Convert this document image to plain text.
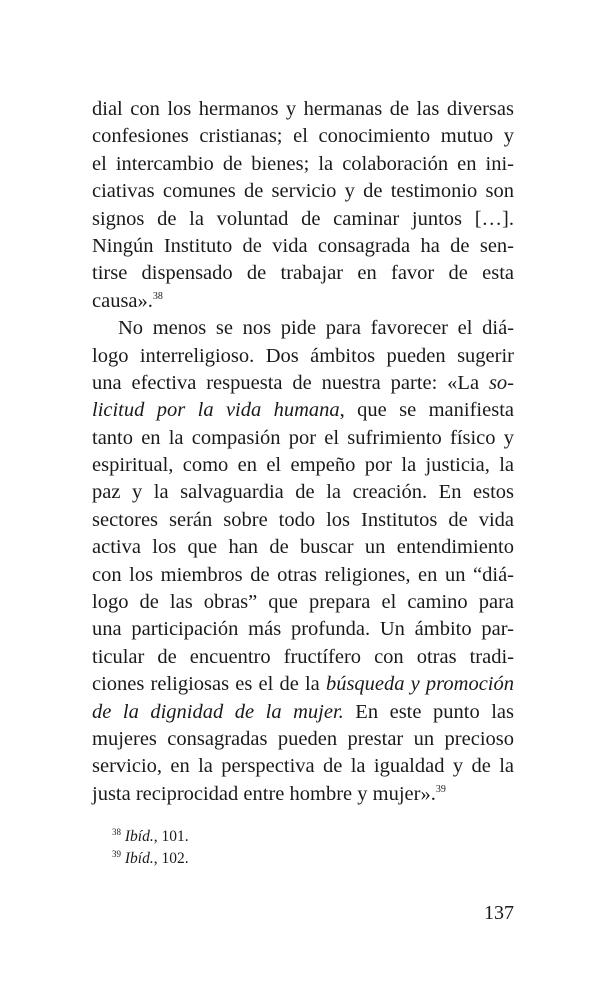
dial con los hermanos y hermanas de las diversas
confesiones cristianas; el conocimiento mutuo y
el intercambio de bienes; la colaboración en ini-
ciativas comunes de servicio y de testimonio son
signos de la voluntad de caminar juntos […].
Ningún Instituto de vida consagrada ha de sen-
tirse dispensado de trabajar en favor de esta
causa».$^{38}$
No menos se nos pide para favorecer el diá-
logo interreligioso. Dos ámbitos pueden sugerir
una efectiva respuesta de nuestra parte: «La so-
licitud por la vida humana, que se manifiesta
tanto en la compasión por el sufrimiento físico y
espiritual, como en el empeño por la justicia, la
paz y la salvaguardia de la creación. En estos
sectores serán sobre todo los Institutos de vida
activa los que han de buscar un entendimiento
con los miembros de otras religiones, en un “diá-
logo de las obras” que prepara el camino para
una participación más profunda. Un ámbito par-
ticular de encuentro fructífero con otras tradi-
ciones religiosas es el de la búsqueda y promoción
de la dignidad de la mujer. En este punto las
mujeres consagradas pueden prestar un precioso
servicio, en la perspectiva de la igualdad y de la
justa reciprocidad entre hombre y mujer».$^{39}$
$^{38}$ Ibíd., 101.
$^{39}$ Ibíd., 102.
137
